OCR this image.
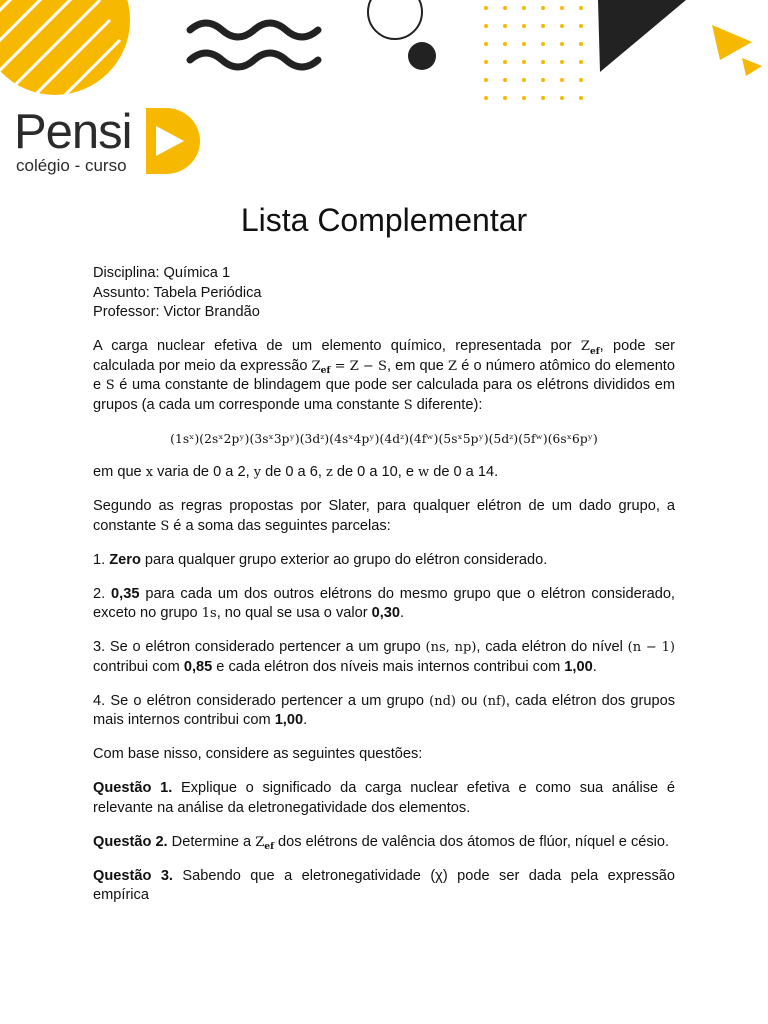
Pensi
colégio - curso
Lista Complementar
Disciplina: Química 1
Assunto: Tabela Periódica
Professor: Victor Brandão

A carga nuclear efetiva de um elemento químico, representada por $Z_{ef}$, pode ser calculada por meio da expressão $Z_{ef} = Z - S$, em que Z é o número atômico do elemento e S é uma constante de blindagem que pode ser calculada para os elétrons divididos em grupos (a cada um corresponde uma constante S diferente):

(1sˣ)(2sˣ2pʸ)(3sˣ3pʸ)(3dᶻ)(4sˣ4pʸ)(4dᶻ)(4fʷ)(5sˣ5pʸ)(5dᶻ)(5fʷ)(6sˣ6pʸ)

em que x varia de 0 a 2, y de 0 a 6, z de 0 a 10, e w de 0 a 14.

Segundo as regras propostas por Slater, para qualquer elétron de um dado grupo, a constante S é a soma das seguintes parcelas:

1. Zero para qualquer grupo exterior ao grupo do elétron considerado.

2. 0,35 para cada um dos outros elétrons do mesmo grupo que o elétron considerado, exceto no grupo 1s, no qual se usa o valor 0,30.

3. Se o elétron considerado pertencer a um grupo (ns, np), cada elétron do nível (n − 1) contribui com 0,85 e cada elétron dos níveis mais internos contribui com 1,00.

4. Se o elétron considerado pertencer a um grupo (nd) ou (nf), cada elétron dos grupos mais internos contribui com 1,00.

Com base nisso, considere as seguintes questões:

Questão 1. Explique o significado da carga nuclear efetiva e como sua análise é relevante na análise da eletronegatividade dos elementos.

Questão 2. Determine a $Z_{ef}$ dos elétrons de valência dos átomos de flúor, níquel e césio.

Questão 3. Sabendo que a eletronegatividade (χ) pode ser dada pela expressão empírica
